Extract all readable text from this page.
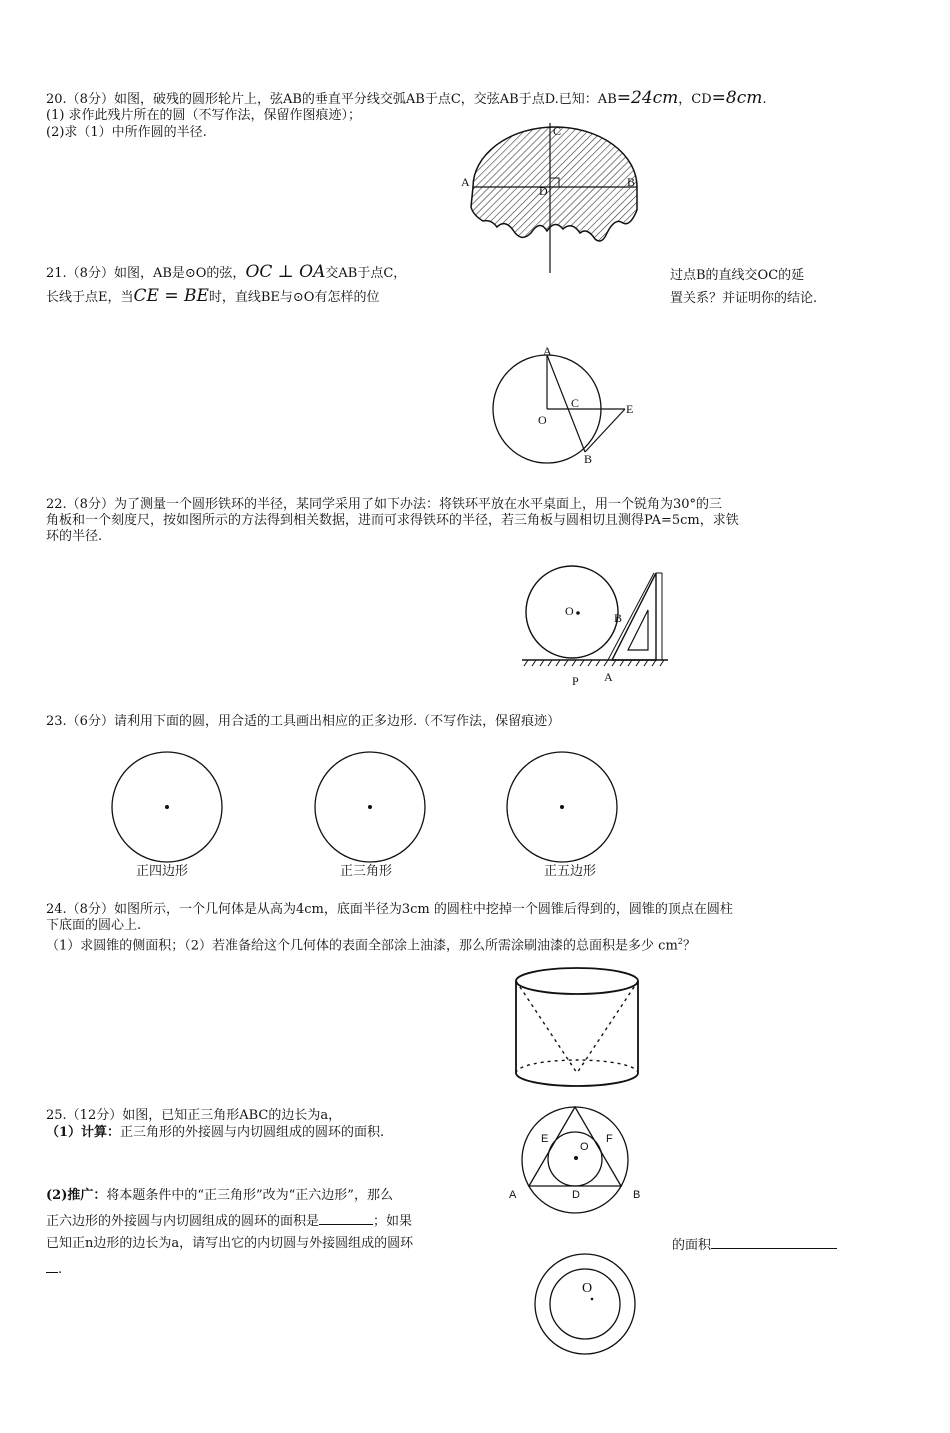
20.（8分）如图，破残的圆形轮片上，弦AB的垂直平分线交弧AB于点C，交弦AB于点D.已知：AB=24cm，CD=8cm.
(1) 求作此残片所在的圆（不写作法，保留作图痕迹）；
(2)求（1）中所作圆的半径.
A	B
C
D
21.（8分）如图，AB是⊙O的弦，OC ⊥ OA交AB于点C，	过点B的直线交OC的延
长线于点E，当CE = BE时，直线BE与⊙O有怎样的位	置关系？并证明你的结论.
A
O
C	E
B
22.（8分）为了测量一个圆形铁环的半径，某同学采用了如下办法：将铁环平放在水平桌面上，用一个锐角为30°的三
角板和一个刻度尺，按如图所示的方法得到相关数据，进而可求得铁环的半径，若三角板与圆相切且测得PA=5cm，求铁
环的半径.
O	B
P A
23.（6分）请利用下面的圆，用合适的工具画出相应的正多边形.（不写作法，保留痕迹）
正四边形	正三角形	正五边形
24.（8分）如图所示，一个几何体是从高为4cm，底面半径为3cm 的圆柱中挖掉一个圆锥后得到的，圆锥的顶点在圆柱
下底面的圆心上.
（1）求圆锥的侧面积；（2）若准备给这个几何体的表面全部涂上油漆，那么所需涂刷油漆的总面积是多少 $cm^2$？
25.（12分）如图，已知正三角形ABC的边长为a，
（1）计算：正三角形的外接圆与内切圆组成的圆环的面积.
(2)推广：将本题条件中的“正三角形”改为“正六边形”，那么
正六边形的外接圆与内切圆组成的圆环的面积是	；如果
已知正n边形的边长为a，请写出它的内切圆与外接圆组成的圆环	的面积
.
A	B
D
E	F
O
O
